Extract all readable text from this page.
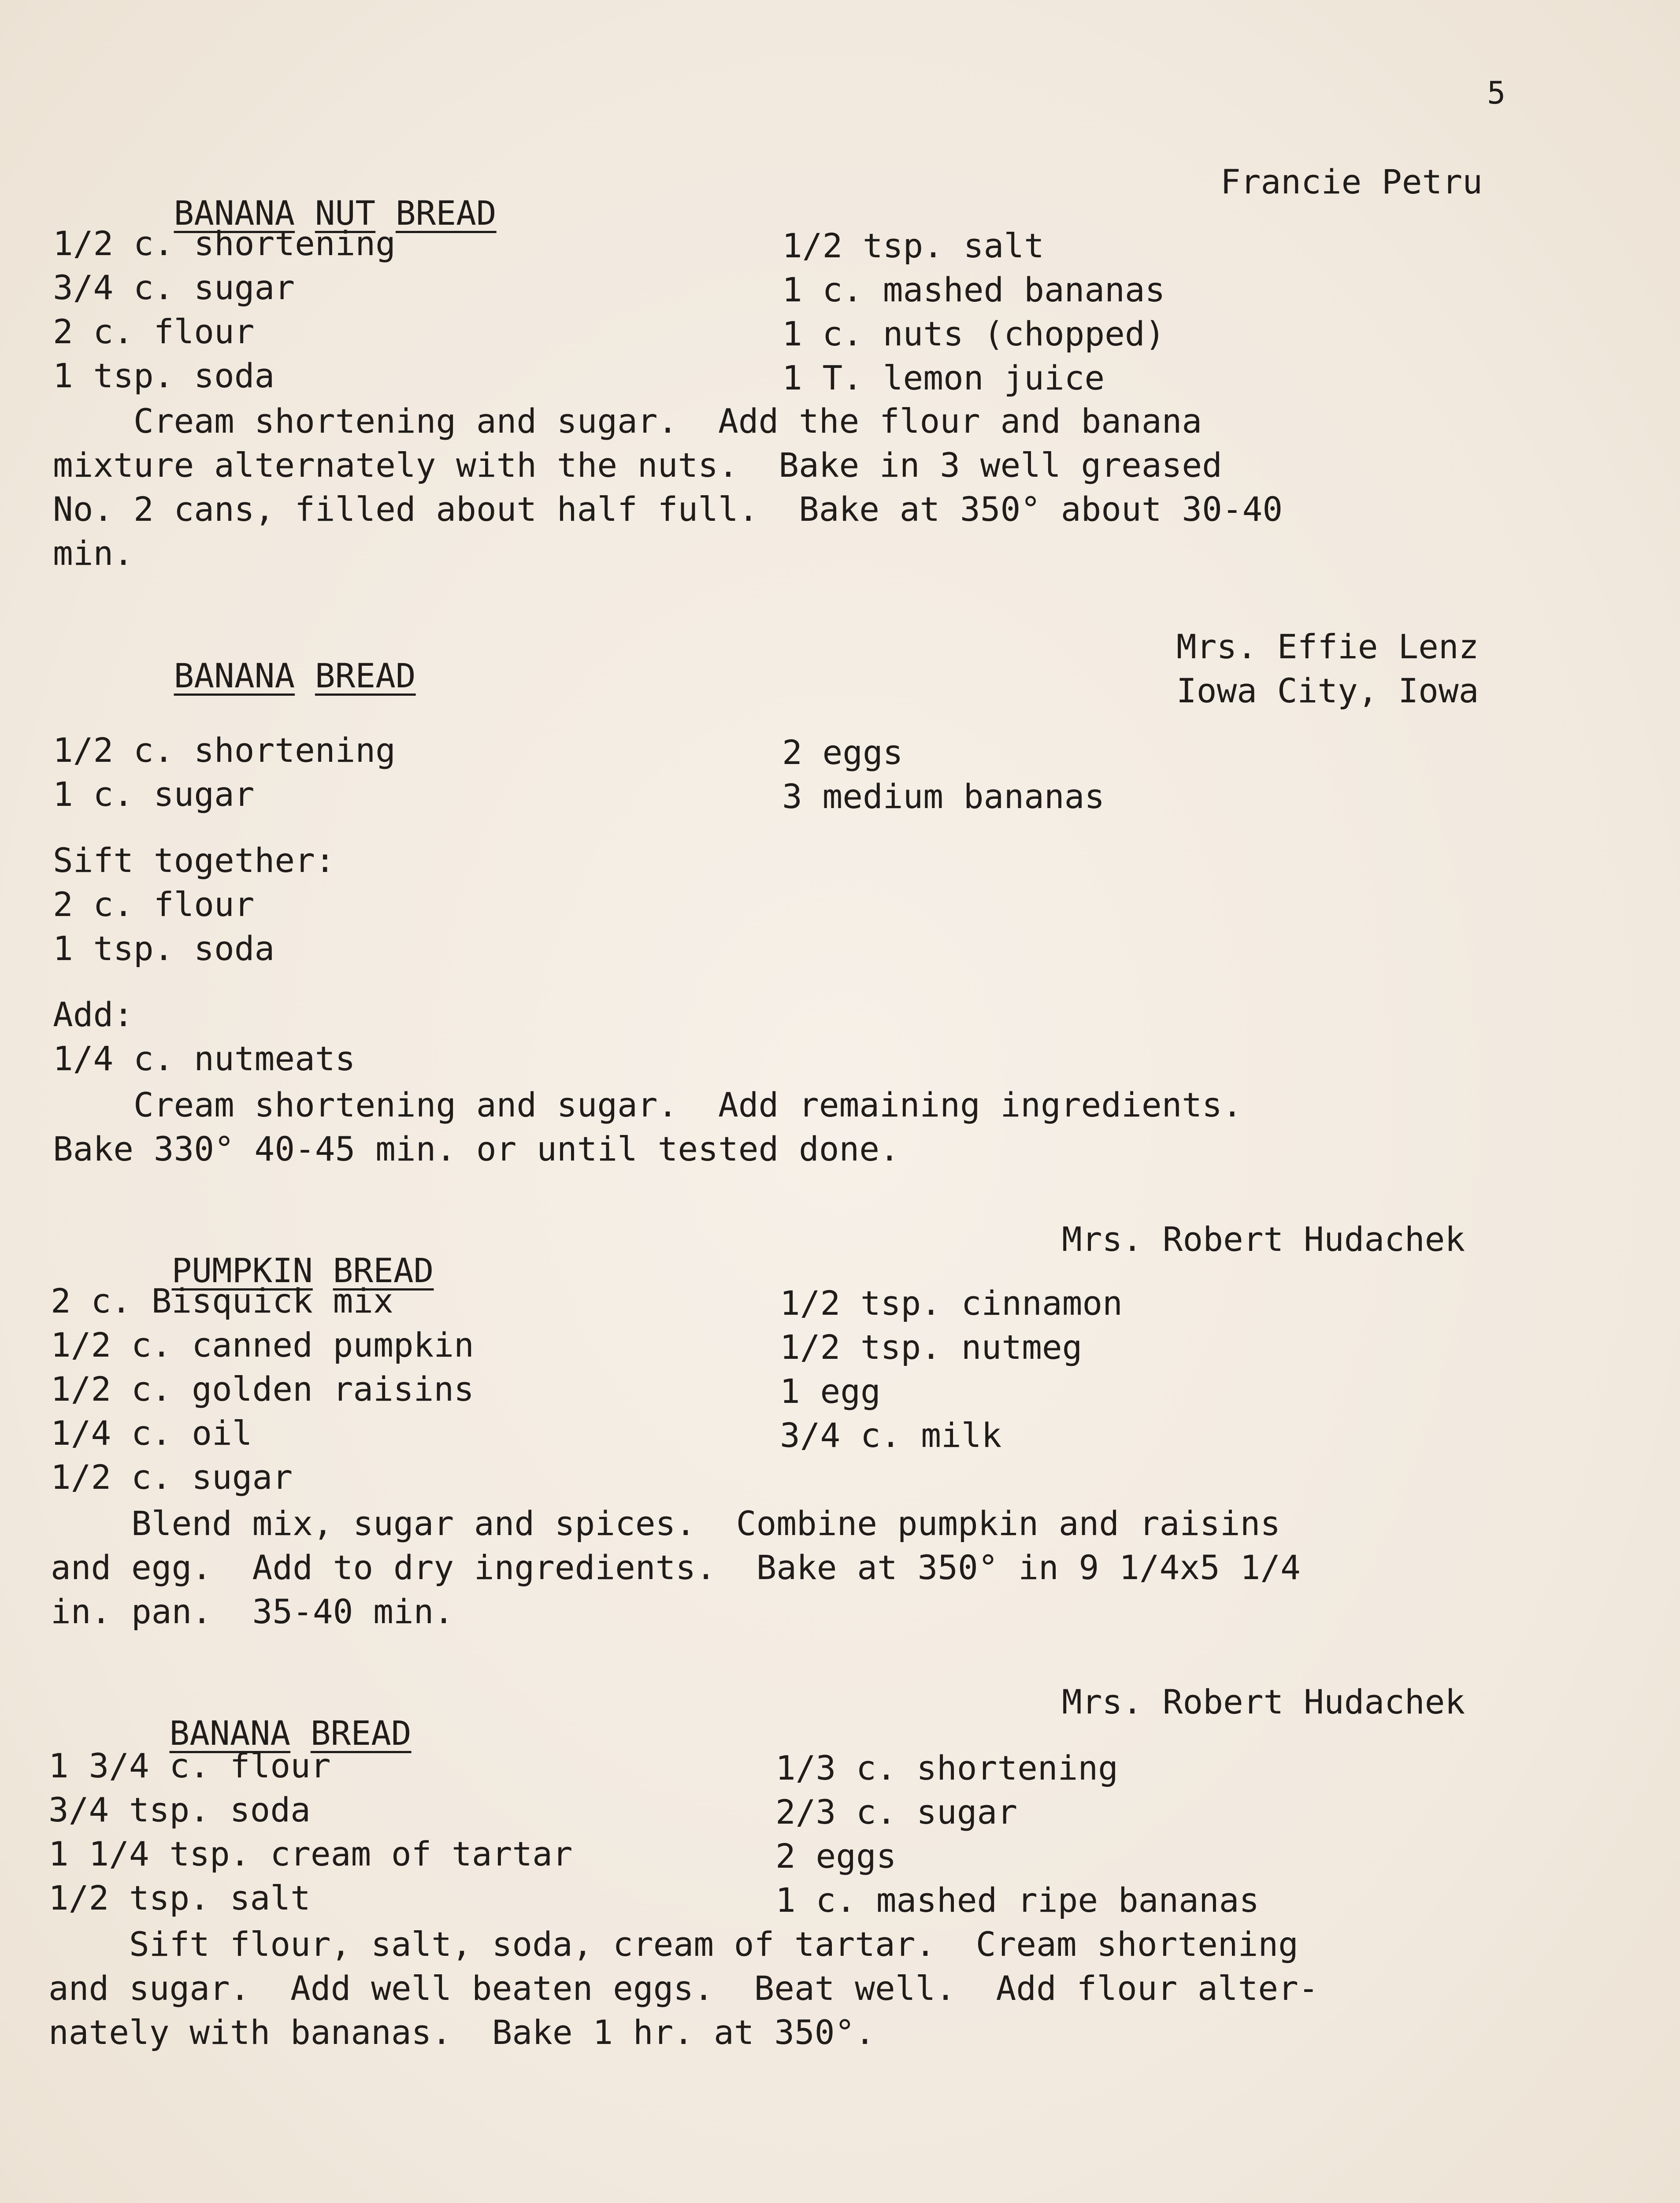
5

BANANA NUT BREAD

Francie Petru
1/2 c. shortening
3/4 c. sugar
2 c. flour
1 tsp. soda
1/2 tsp. salt
1 c. mashed bananas
1 c. nuts (chopped)
1 T. lemon juice
Cream shortening and sugar.  Add the flour and banana
mixture alternately with the nuts.  Bake in 3 well greased
No. 2 cans, filled about half full.  Bake at 350° about 30-40
min.

BANANA BREAD

Mrs. Effie Lenz
Iowa City, Iowa
1/2 c. shortening
1 c. sugar
2 eggs
3 medium bananas
Sift together:
2 c. flour
1 tsp. soda
Add:
1/4 c. nutmeats
Cream shortening and sugar.  Add remaining ingredients.
Bake 330° 40-45 min. or until tested done.

PUMPKIN BREAD

Mrs. Robert Hudachek
2 c. Bisquick mix
1/2 c. canned pumpkin
1/2 c. golden raisins
1/4 c. oil
1/2 c. sugar
1/2 tsp. cinnamon
1/2 tsp. nutmeg
1 egg
3/4 c. milk
Blend mix, sugar and spices.  Combine pumpkin and raisins
and egg.  Add to dry ingredients.  Bake at 350° in 9 1/4x5 1/4
in. pan.  35-40 min.

BANANA BREAD

Mrs. Robert Hudachek
1 3/4 c. flour
3/4 tsp. soda
1 1/4 tsp. cream of tartar
1/2 tsp. salt
1/3 c. shortening
2/3 c. sugar
2 eggs
1 c. mashed ripe bananas
Sift flour, salt, soda, cream of tartar.  Cream shortening
and sugar.  Add well beaten eggs.  Beat well.  Add flour alter-
nately with bananas.  Bake 1 hr. at 350°.
